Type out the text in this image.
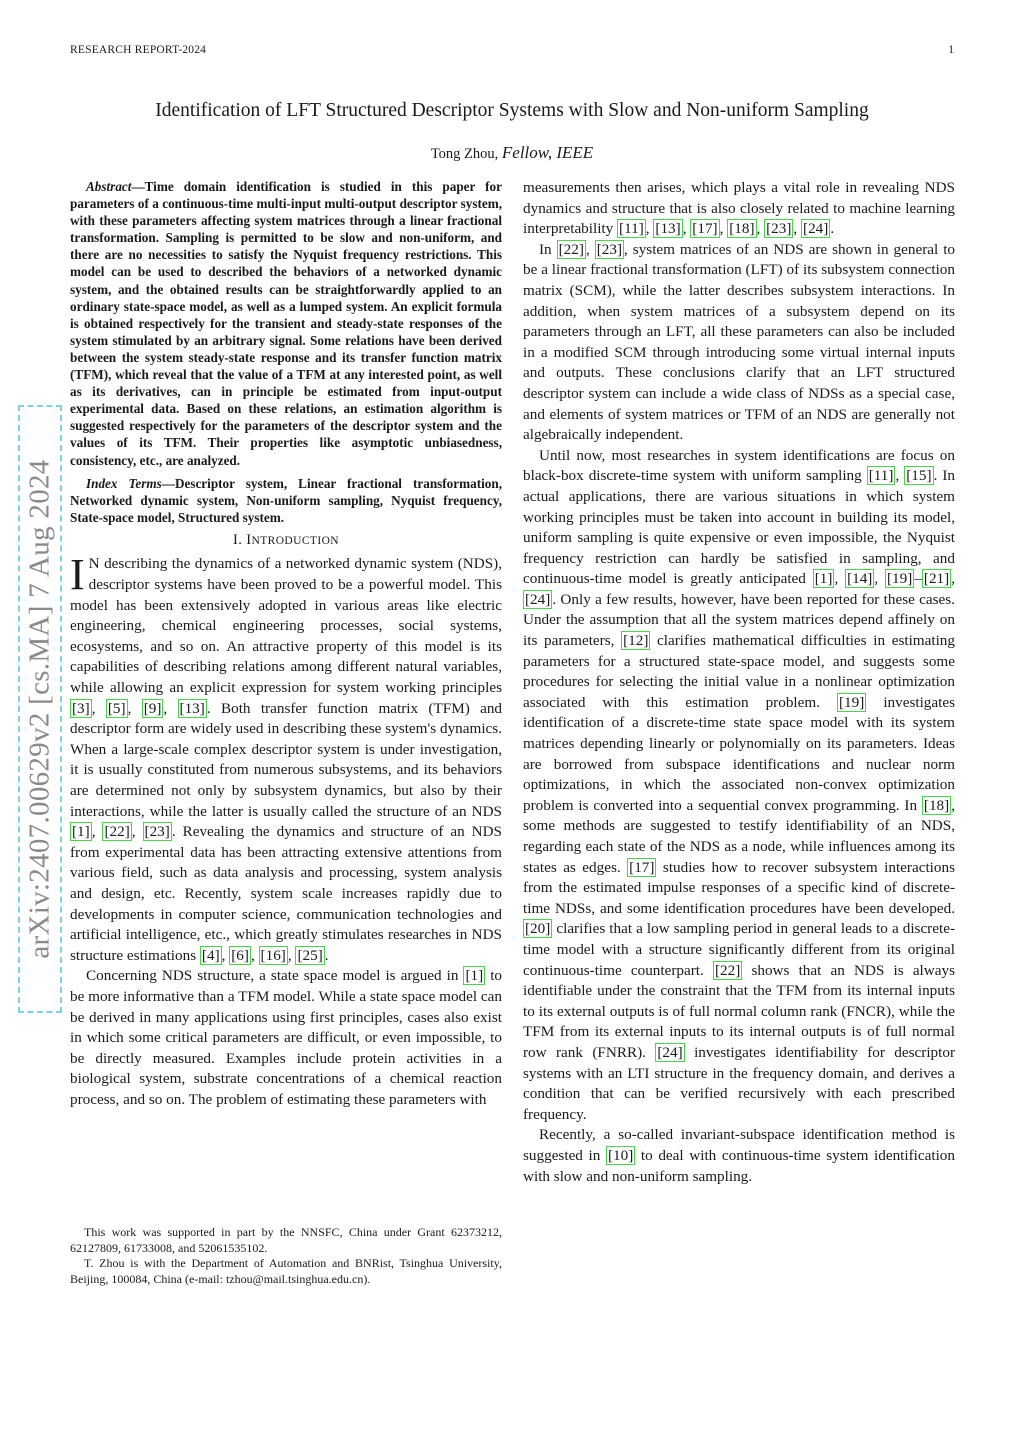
RESEARCH REPORT-2024	1
Identification of LFT Structured Descriptor Systems with Slow and Non-uniform Sampling
Tong Zhou, Fellow, IEEE
arXiv:2407.00629v2 [cs.MA] 7 Aug 2024

Abstract—Time domain identification is studied in this paper for parameters of a continuous-time multi-input multi-output descriptor system, with these parameters affecting system matrices through a linear fractional transformation. Sampling is permitted to be slow and non-uniform, and there are no necessities to satisfy the Nyquist frequency restrictions. This model can be used to described the behaviors of a networked dynamic system, and the obtained results can be straightforwardly applied to an ordinary state-space model, as well as a lumped system. An explicit formula is obtained respectively for the transient and steady-state responses of the system stimulated by an arbitrary signal. Some relations have been derived between the system steady-state response and its transfer function matrix (TFM), which reveal that the value of a TFM at any interested point, as well as its derivatives, can in principle be estimated from input-output experimental data. Based on these relations, an estimation algorithm is suggested respectively for the parameters of the descriptor system and the values of its TFM. Their properties like asymptotic unbiasedness, consistency, etc., are analyzed.

Index Terms—Descriptor system, Linear fractional transformation, Networked dynamic system, Non-uniform sampling, Nyquist frequency, State-space model, Structured system.

I. INTRODUCTION

I N describing the dynamics of a networked dynamic system (NDS), descriptor systems have been proved to be a powerful model. This model has been extensively adopted in various areas like electric engineering, chemical engineering processes, social systems, ecosystems, and so on. An attractive property of this model is its capabilities of describing relations among different natural variables, while allowing an explicit expression for system working principles [3] , [5] , [9] , [13] . Both transfer function matrix (TFM) and descriptor form are widely used in describing these system's dynamics. When a large-scale complex descriptor system is under investigation, it is usually constituted from numerous subsystems, and its behaviors are determined not only by subsystem dynamics, but also by their interactions, while the latter is usually called the structure of an NDS [1] , [22] , [23] . Revealing the dynamics and structure of an NDS from experimental data has been attracting extensive attentions from various field, such as data analysis and processing, system analysis and design, etc. Recently, system scale increases rapidly due to developments in computer science, communication technologies and artificial intelligence, etc., which greatly stimulates researches in NDS structure estimations [4] , [6] , [16] , [25] .

Concerning NDS structure, a state space model is argued in [1] to be more informative than a TFM model. While a state space model can be derived in many applications using first principles, cases also exist in which some critical parameters are difficult, or even impossible, to be directly measured. Examples include protein activities in a biological system, substrate concentrations of a chemical reaction process, and so on. The problem of estimating these parameters with

measurements then arises, which plays a vital role in revealing NDS dynamics and structure that is also closely related to machine learning interpretability [11] , [13] , [17] , [18] , [23] , [24] .

In [22] , [23] , system matrices of an NDS are shown in general to be a linear fractional transformation (LFT) of its subsystem connection matrix (SCM), while the latter describes subsystem interactions. In addition, when system matrices of a subsystem depend on its parameters through an LFT, all these parameters can also be included in a modified SCM through introducing some virtual internal inputs and outputs. These conclusions clarify that an LFT structured descriptor system can include a wide class of NDSs as a special case, and elements of system matrices or TFM of an NDS are generally not algebraically independent.

Until now, most researches in system identifications are focus on black-box discrete-time system with uniform sampling [11] , [15] . In actual applications, there are various situations in which system working principles must be taken into account in building its model, uniform sampling is quite expensive or even impossible, the Nyquist frequency restriction can hardly be satisfied in sampling, and continuous-time model is greatly anticipated [1] , [14] , [19] – [21] , [24] . Only a few results, however, have been reported for these cases. Under the assumption that all the system matrices depend affinely on its parameters, [12] clarifies mathematical difficulties in estimating parameters for a structured state-space model, and suggests some procedures for selecting the initial value in a nonlinear optimization associated with this estimation problem. [19] investigates identification of a discrete-time state space model with its system matrices depending linearly or polynomially on its parameters. Ideas are borrowed from subspace identifications and nuclear norm optimizations, in which the associated non-convex optimization problem is converted into a sequential convex programming. In [18] , some methods are suggested to testify identifiability of an NDS, regarding each state of the NDS as a node, while influences among its states as edges. [17] studies how to recover subsystem interactions from the estimated impulse responses of a specific kind of discrete-time NDSs, and some identification procedures have been developed. [20] clarifies that a low sampling period in general leads to a discrete-time model with a structure significantly different from its original continuous-time counterpart. [22] shows that an NDS is always identifiable under the constraint that the TFM from its internal inputs to its external outputs is of full normal column rank (FNCR), while the TFM from its external inputs to its internal outputs is of full normal row rank (FNRR). [24] investigates identifiability for descriptor systems with an LTI structure in the frequency domain, and derives a condition that can be verified recursively with each prescribed frequency.

Recently, a so-called invariant-subspace identification method is suggested in [10] to deal with continuous-time system identification with slow and non-uniform sampling.

This work was supported in part by the NNSFC, China under Grant 62373212, 62127809, 61733008, and 52061535102.

T. Zhou is with the Department of Automation and BNRist, Tsinghua University, Beijing, 100084, China (e-mail: tzhou@mail.tsinghua.edu.cn).
